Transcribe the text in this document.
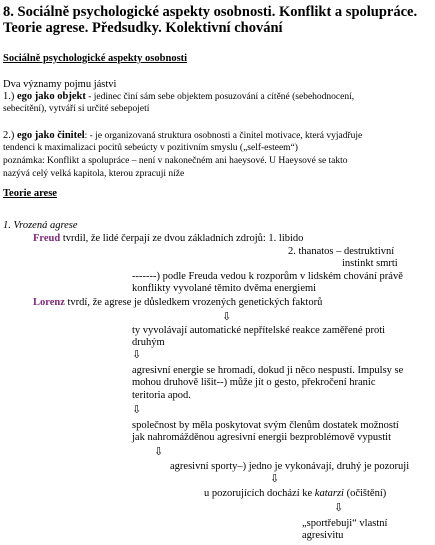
8. Sociálně psychologické aspekty osobnosti. Konflikt a spolupráce. Teorie agrese. Předsudky. Kolektivní chování
Sociálně psychologické aspekty osobnosti
Dva významy pojmu jástvi
1.) ego jako objekt - jedinec činí sám sebe objektem posuzování a cítěné (sebehodnocení,
sebecítění), vytváří si určité sebepojetí
2.) ego jako činitel: - je organizovaná struktura osobnosti a činitel motivace, která vyjadřuje
tendenci k maximalizaci pocitů sebeúcty v pozitivním smyslu („self-esteem“)
poznámka: Konflikt a spolupráce – není v nakonečném ani haeysové. U Haeysové se takto
nazývá celý velká kapitola, kterou zpracuji níže
Teorie arese
1. Vrozená agrese
Freud tvrdil, že lidé čerpají ze dvou základních zdrojů: 1. libido
2. thanatos – destruktivní
instinkt smrti
-------) podle Freuda vedou k rozporům v lidském chování právě
konflikty vyvolané těmito dvěma energiemi
Lorenz tvrdí, že agrese je důsledkem vrozených genetických faktorů
⇩
ty vyvolávají automatické nepřítelské reakce zaměřené proti
druhým
⇩
agresivní energie se hromadí, dokud ji něco nespustí. Impulsy se
mohou druhově lišit--) může jít o gesto, překročení hranic
teritoria apod.
⇩
společnost by měla poskytovat svým členům dostatek možností
jak nahromážděnou agresivní energii bezproblémově vypustit
⇩
agresivní sporty–) jedno je vykonávají, druhý je pozoruji
⇩
u pozorujících dochází ke katarzi (očištění)
⇩
„sportřebuji“ vlastní
agresivitu
